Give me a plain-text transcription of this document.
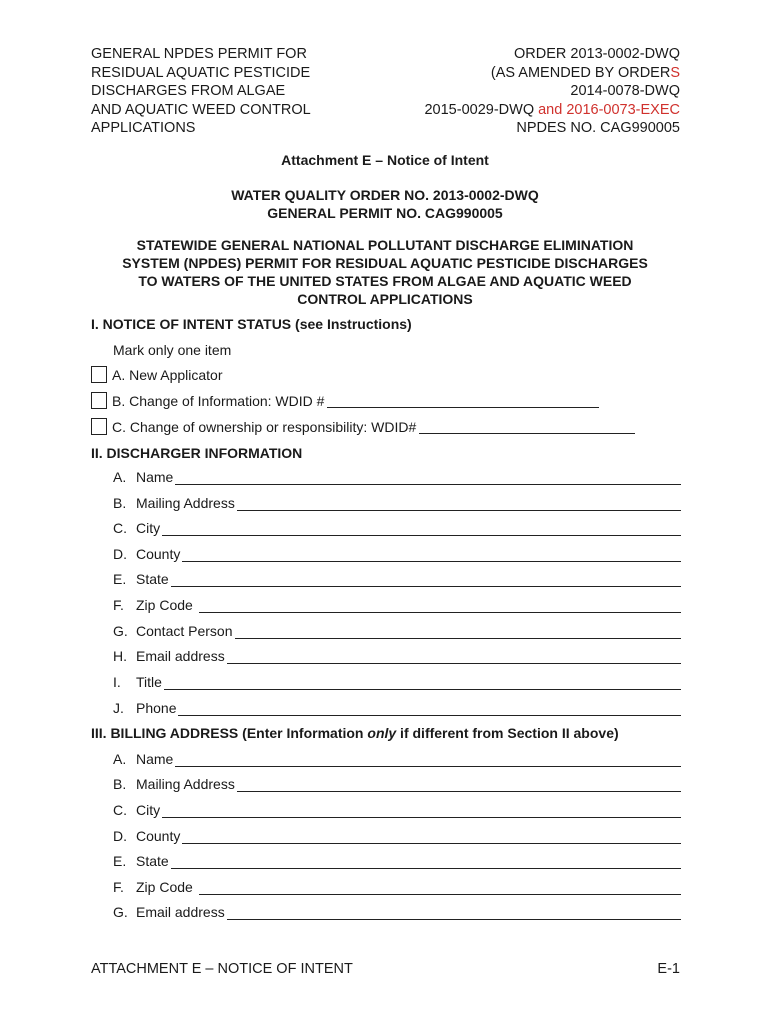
GENERAL NPDES PERMIT FOR
RESIDUAL AQUATIC PESTICIDE
DISCHARGES FROM ALGAE
AND AQUATIC WEED CONTROL
APPLICATIONS
ORDER 2013-0002-DWQ
(AS AMENDED BY ORDERS
2014-0078-DWQ
2015-0029-DWQ and 2016-0073-EXEC
NPDES NO. CAG990005
Attachment E – Notice of Intent
WATER QUALITY ORDER NO. 2013-0002-DWQ
GENERAL PERMIT NO. CAG990005
STATEWIDE GENERAL NATIONAL POLLUTANT DISCHARGE ELIMINATION
SYSTEM (NPDES) PERMIT FOR RESIDUAL AQUATIC PESTICIDE DISCHARGES
TO WATERS OF THE UNITED STATES FROM ALGAE AND AQUATIC WEED
CONTROL APPLICATIONS
I. NOTICE OF INTENT STATUS (see Instructions)
Mark only one item
A. New Applicator
B. Change of Information: WDID #
C. Change of ownership or responsibility: WDID#
II. DISCHARGER INFORMATION
A. Name
B. Mailing Address
C. City
D. County
E. State
F. Zip Code
G. Contact Person
H. Email address
I.	Title
J. Phone
III. BILLING ADDRESS (Enter Information only if different from Section II above)
A. Name
B. Mailing Address
C. City
D. County
E. State
F. Zip Code
G. Email address
ATTACHMENT E – NOTICE OF INTENT	E-1
